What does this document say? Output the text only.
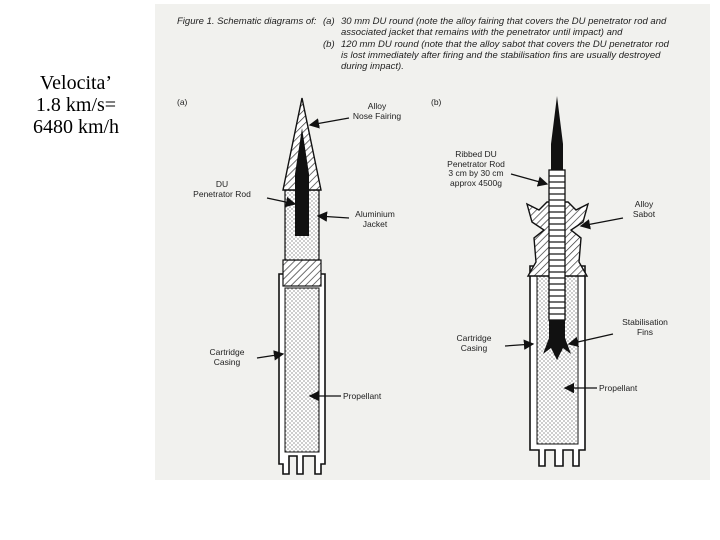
Velocita’
1.8 km/s=
6480 km/h
Figure 1. Schematic diagrams of: (a) 30 mm DU round (note the alloy fairing that covers the DU penetrator rod and
associated jacket that remains with the penetrator until impact) and
(b) 120 mm DU round (note that the alloy sabot that covers the DU penetrator rod
is lost immediately after firing and the stabilisation fins are usually destroyed
during impact).
(a)	(b)
Alloy
Nose Fairing
DU
Penetrator Rod
Aluminium
Jacket
Cartridge
Casing
Propellant
Ribbed DU
Penetrator Rod
3 cm by 30 cm
approx 4500g
Alloy
Sabot
Stabilisation
Fins
Cartridge
Casing
Propellant
